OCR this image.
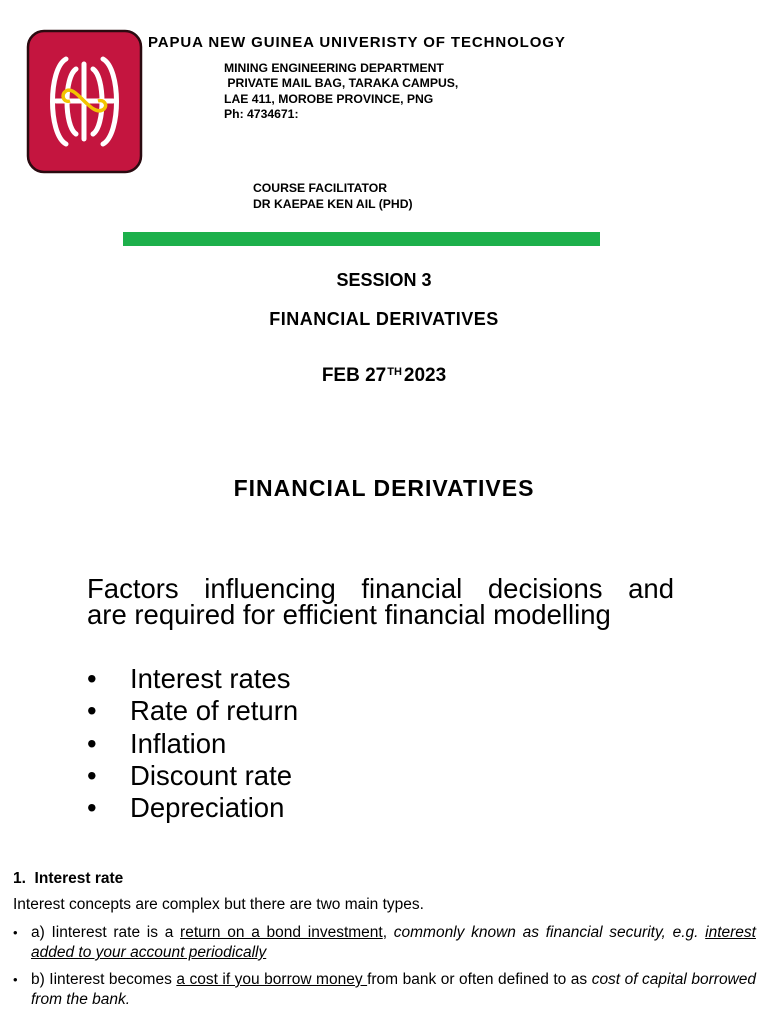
PAPUA NEW GUINEA UNIVERISTY OF TECHNOLOGY
MINING ENGINEERING DEPARTMENT
PRIVATE MAIL BAG, TARAKA CAMPUS,
LAE 411, MOROBE PROVINCE, PNG
Ph: 4734671:
COURSE FACILITATOR
DR KAEPAE KEN AIL (PHD)
SESSION 3
FINANCIAL DERIVATIVES
FEB 27TH 2023
FINANCIAL DERIVATIVES
Factors influencing financial decisions and
are required for efficient financial modelling
• Interest rates
• Rate of return
• Inflation
• Discount rate
• Depreciation
1.  Interest rate
Interest concepts are complex but there are two main types.
• a) Iinterest rate is a return on a bond investment, commonly known as financial security, e.g. interest added to your account periodically
• b) Iinterest becomes a cost if you borrow money from bank or often defined to as cost of capital borrowed from the bank.
